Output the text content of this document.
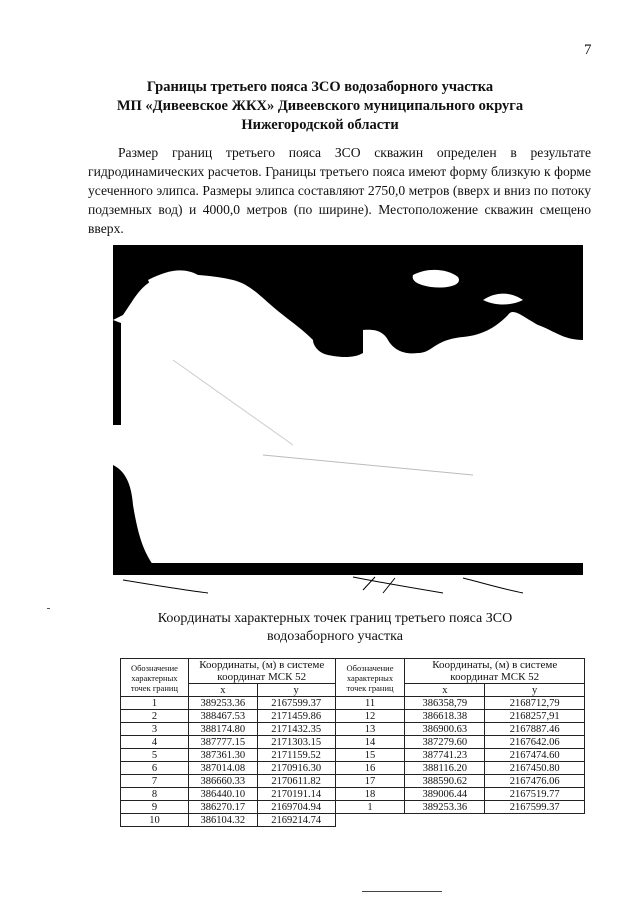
7
Границы третьего пояса ЗСО водозаборного участка
МП «Дивеевское ЖКХ» Дивеевского муниципального округа
Нижегородской области
Размер границ третьего пояса ЗСО скважин определен в результате гидродинамических расчетов. Границы третьего пояса имеют форму близкую к форме усеченного элипса. Размеры элипса составляют 2750,0 метров (вверх и вниз по потоку подземных вод) и 4000,0 метров (по ширине). Местоположение скважин смещено вверх.
Координаты характерных точек границ третьего пояса ЗСО
водозаборного участка
Обозначение характерных точек границ	Координаты, (м) в системе координат МСК 52		Обозначение характерных точек границ	Координаты, (м) в системе координат МСК 52	
	x	y		x	y
1	389253.36	2167599.37	11	386358,79	2168712,79
2	388467.53	2171459.86	12	386618.38	2168257,91
3	388174.80	2171432.35	13	386900.63	2167887.46
4	387777.15	2171303.15	14	387279.60	2167642.06
5	387361.30	2171159.52	15	387741.23	2167474.60
6	387014.08	2170916.30	16	388116.20	2167450.80
7	386660.33	2170611.82	17	388590.62	2167476.06
8	386440.10	2170191.14	18	389006.44	2167519.77
9	386270.17	2169704.94	1	389253.36	2167599.37
10	386104.32	2169214.74			
